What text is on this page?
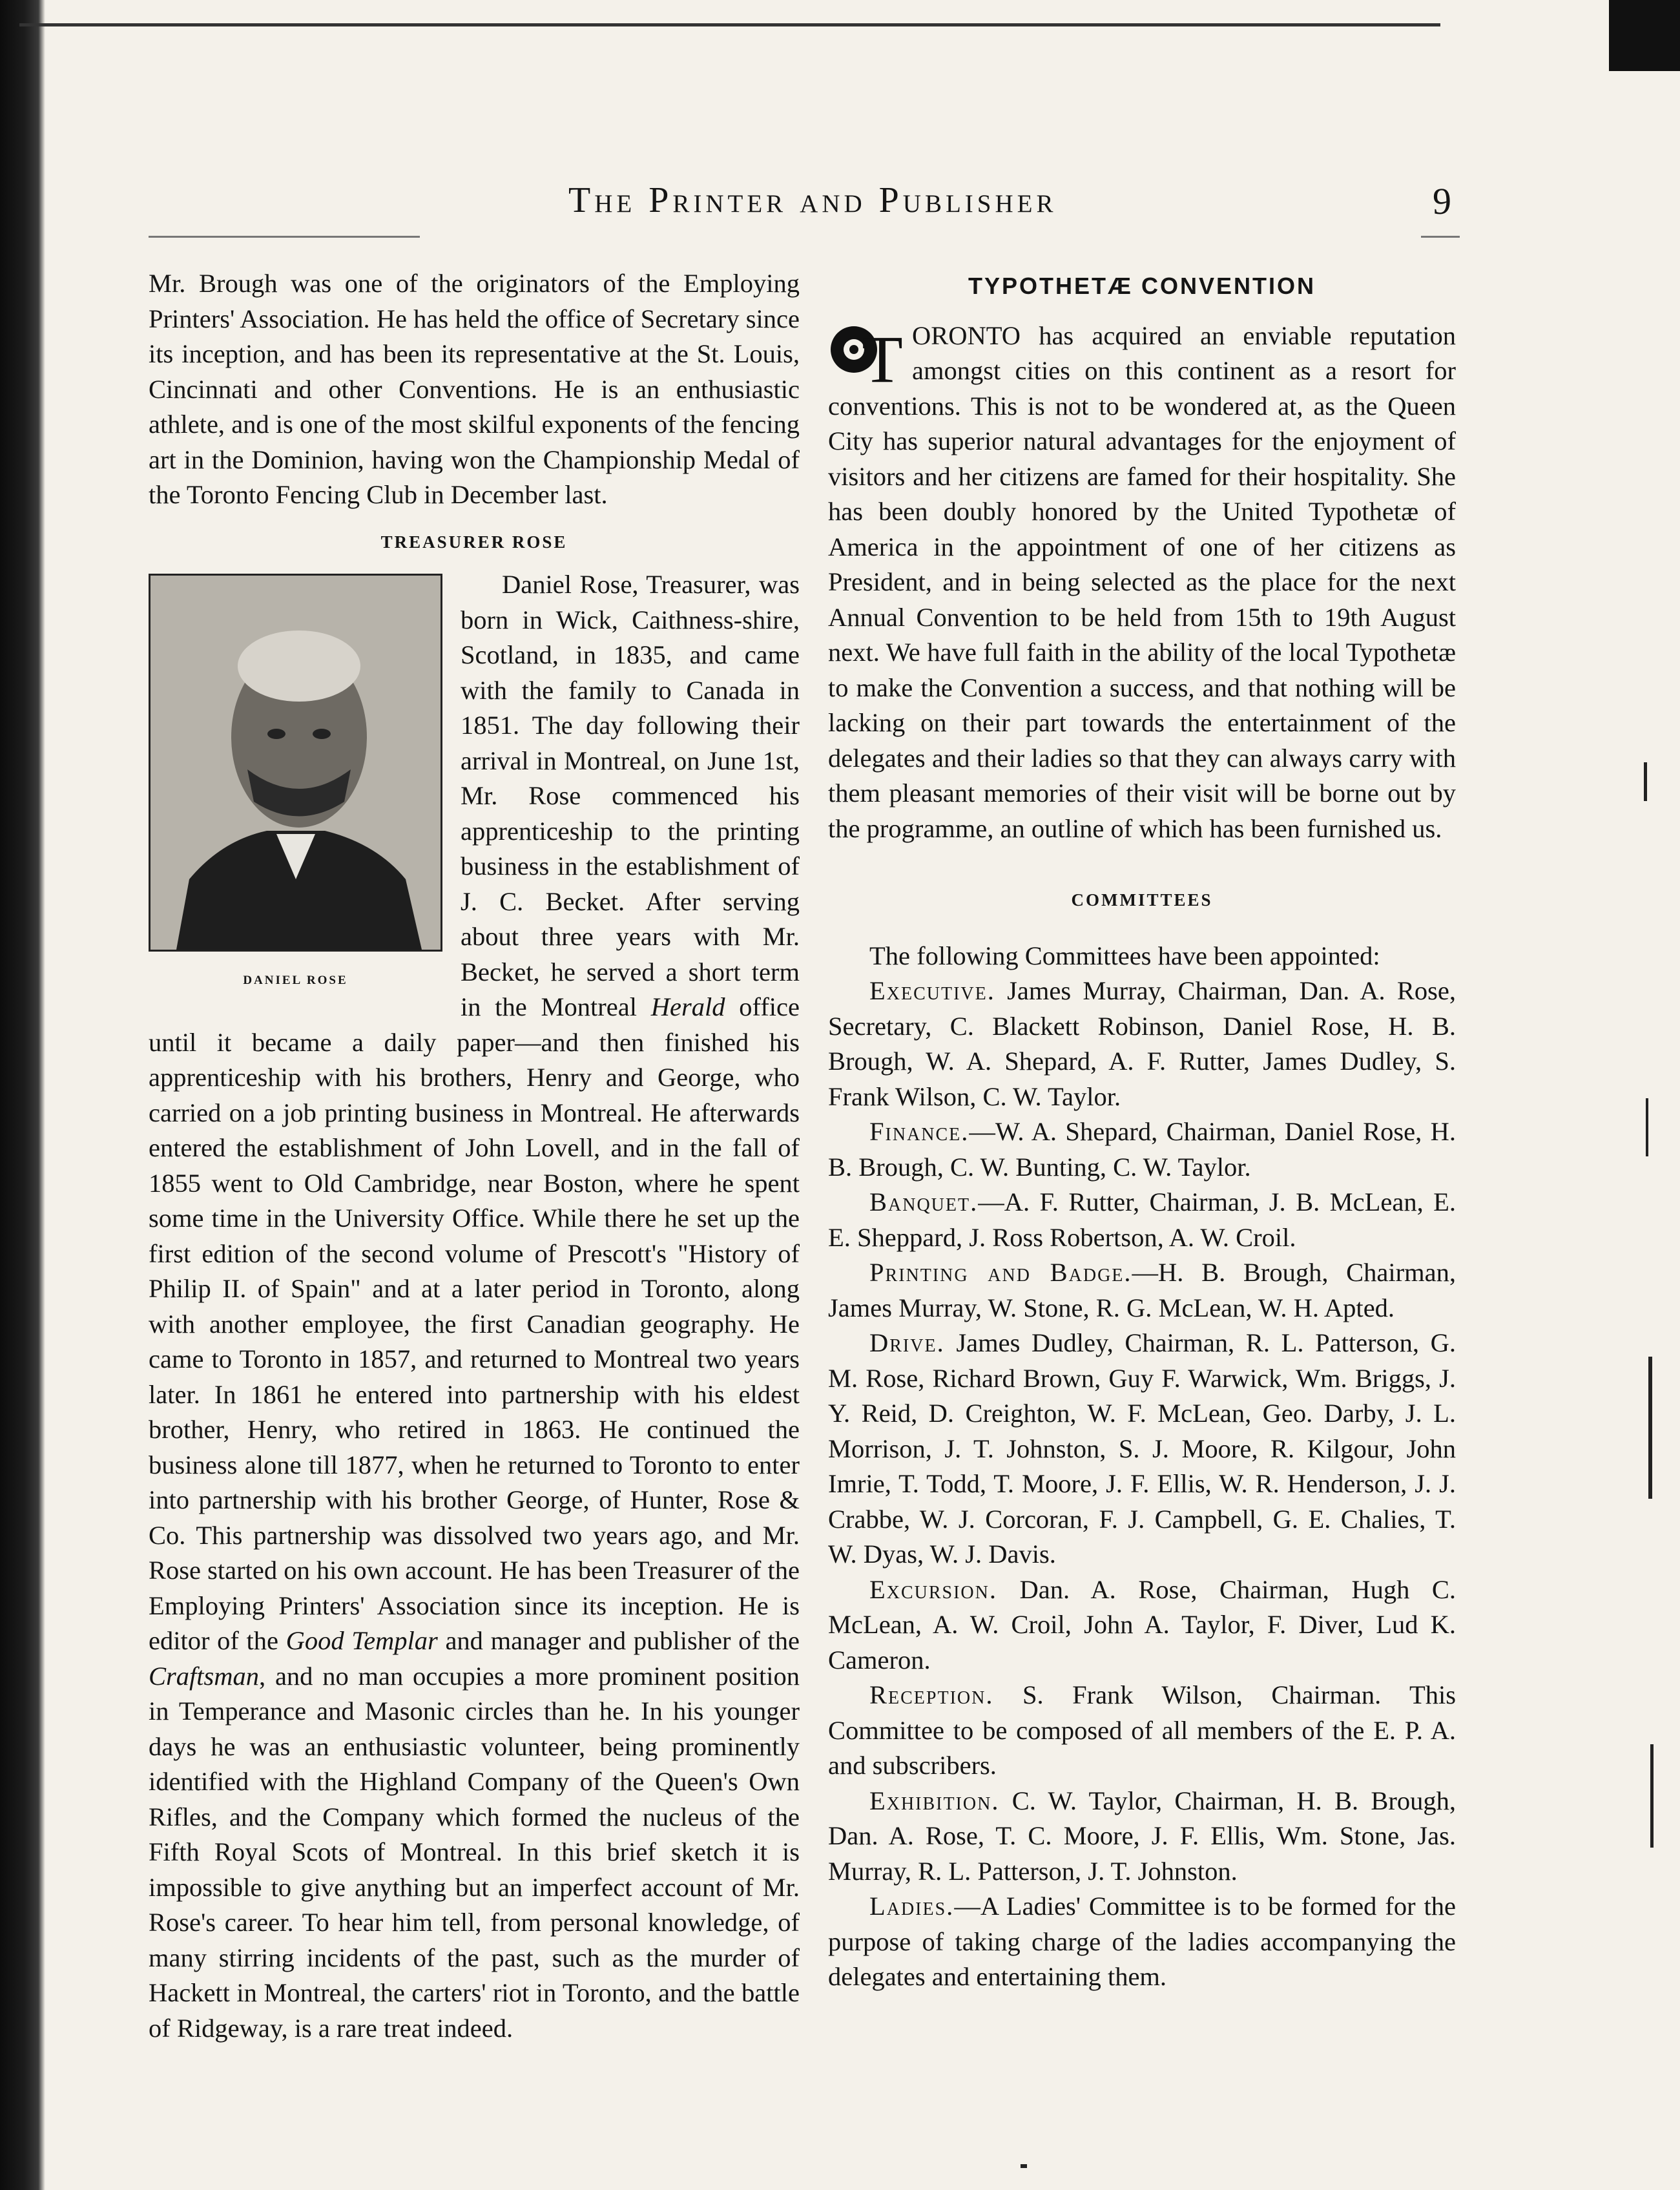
The Printer and Publisher	9

Mr. Brough was one of the originators of the Employing Printers' Association. He has held the office of Secretary since its inception, and has been its representative at the St. Louis, Cincinnati and other Conventions. He is an enthusiastic athlete, and is one of the most skilful exponents of the fencing art in the Dominion, having won the Championship Medal of the Toronto Fencing Club in December last.

TREASURER ROSE
DANIEL ROSE

Daniel Rose, Treasurer, was born in Wick, Caithness-shire, Scotland, in 1835, and came with the family to Canada in 1851. The day following their arrival in Montreal, on June 1st, Mr. Rose commenced his apprenticeship to the printing business in the establishment of J. C. Becket. After serving about three years with Mr. Becket, he served a short term in the Montreal Herald office until it became a daily paper—and then finished his apprenticeship with his brothers, Henry and George, who carried on a job printing business in Montreal. He afterwards entered the establishment of John Lovell, and in the fall of 1855 went to Old Cambridge, near Boston, where he spent some time in the University Office. While there he set up the first edition of the second volume of Prescott's "History of Philip II. of Spain" and at a later period in Toronto, along with another employee, the first Canadian geography. He came to Toronto in 1857, and returned to Montreal two years later. In 1861 he entered into partnership with his eldest brother, Henry, who retired in 1863. He continued the business alone till 1877, when he returned to Toronto to enter into partnership with his brother George, of Hunter, Rose & Co. This partnership was dissolved two years ago, and Mr. Rose started on his own account. He has been Treasurer of the Employing Printers' Association since its inception. He is editor of the Good Templar and manager and publisher of the Craftsman, and no man occupies a more prominent position in Temperance and Masonic circles than he. In his younger days he was an enthusiastic volunteer, being prominently identified with the Highland Company of the Queen's Own Rifles, and the Company which formed the nucleus of the Fifth Royal Scots of Montreal. In this brief sketch it is impossible to give anything but an imperfect account of Mr. Rose's career. To hear him tell, from personal knowledge, of many stirring incidents of the past, such as the murder of Hackett in Montreal, the carters' riot in Toronto, and the battle of Ridgeway, is a rare treat indeed.

TYPOTHETÆ CONVENTION

T ORONTO has acquired an enviable reputation amongst cities on this continent as a resort for conventions. This is not to be wondered at, as the Queen City has superior natural advantages for the enjoyment of visitors and her citizens are famed for their hospitality. She has been doubly honored by the United Typothetæ of America in the appointment of one of her citizens as President, and in being selected as the place for the next Annual Convention to be held from 15th to 19th August next. We have full faith in the ability of the local Typothetæ to make the Convention a success, and that nothing will be lacking on their part towards the entertainment of the delegates and their ladies so that they can always carry with them pleasant memories of their visit will be borne out by the programme, an outline of which has been furnished us.

COMMITTEES

The following Committees have been appointed:

Executive. James Murray, Chairman, Dan. A. Rose, Secretary, C. Blackett Robinson, Daniel Rose, H. B. Brough, W. A. Shepard, A. F. Rutter, James Dudley, S. Frank Wilson, C. W. Taylor.

Finance.—W. A. Shepard, Chairman, Daniel Rose, H. B. Brough, C. W. Bunting, C. W. Taylor.

Banquet.—A. F. Rutter, Chairman, J. B. McLean, E. E. Sheppard, J. Ross Robertson, A. W. Croil.

Printing and Badge.—H. B. Brough, Chairman, James Murray, W. Stone, R. G. McLean, W. H. Apted.

Drive. James Dudley, Chairman, R. L. Patterson, G. M. Rose, Richard Brown, Guy F. Warwick, Wm. Briggs, J. Y. Reid, D. Creighton, W. F. McLean, Geo. Darby, J. L. Morrison, J. T. Johnston, S. J. Moore, R. Kilgour, John Imrie, T. Todd, T. Moore, J. F. Ellis, W. R. Henderson, J. J. Crabbe, W. J. Corcoran, F. J. Campbell, G. E. Chalies, T. W. Dyas, W. J. Davis.

Excursion. Dan. A. Rose, Chairman, Hugh C. McLean, A. W. Croil, John A. Taylor, F. Diver, Lud K. Cameron.

Reception. S. Frank Wilson, Chairman. This Committee to be composed of all members of the E. P. A. and subscribers.

Exhibition. C. W. Taylor, Chairman, H. B. Brough, Dan. A. Rose, T. C. Moore, J. F. Ellis, Wm. Stone, Jas. Murray, R. L. Patterson, J. T. Johnston.

Ladies.—A Ladies' Committee is to be formed for the purpose of taking charge of the ladies accompanying the delegates and entertaining them.
